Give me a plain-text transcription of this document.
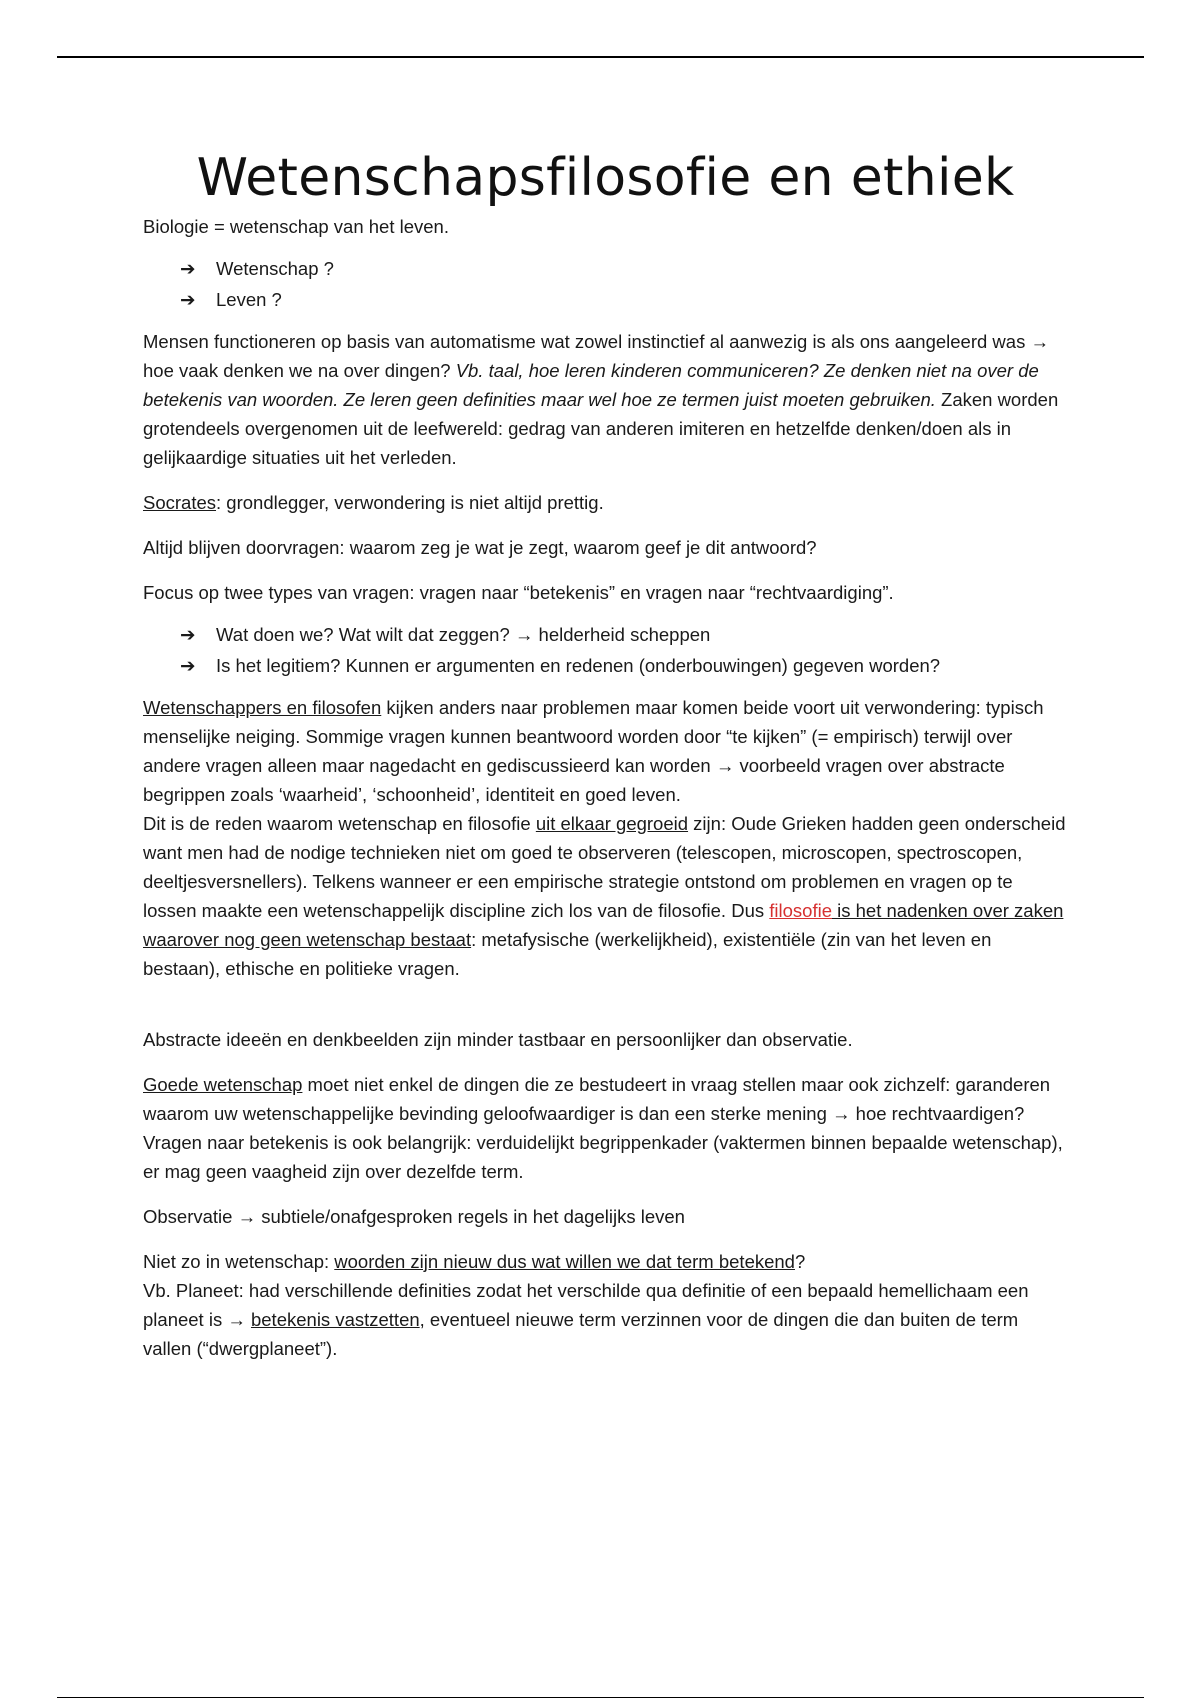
Wetenschapsfilosofie en ethiek

Biologie = wetenschap van het leven.

➔ Wetenschap ?
➔ Leven ?

Mensen functioneren op basis van automatisme wat zowel instinctief al aanwezig is als ons aangeleerd was → hoe vaak denken we na over dingen? Vb. taal, hoe leren kinderen communiceren? Ze denken niet na over de betekenis van woorden. Ze leren geen definities maar wel hoe ze termen juist moeten gebruiken. Zaken worden grotendeels overgenomen uit de leefwereld: gedrag van anderen imiteren en hetzelfde denken/doen als in gelijkaardige situaties uit het verleden.

Socrates: grondlegger, verwondering is niet altijd prettig.

Altijd blijven doorvragen: waarom zeg je wat je zegt, waarom geef je dit antwoord?

Focus op twee types van vragen: vragen naar “betekenis” en vragen naar “rechtvaardiging”.

➔ Wat doen we? Wat wilt dat zeggen? → helderheid scheppen
➔ Is het legitiem? Kunnen er argumenten en redenen (onderbouwingen) gegeven worden?

Wetenschappers en filosofen kijken anders naar problemen maar komen beide voort uit verwondering: typisch menselijke neiging. Sommige vragen kunnen beantwoord worden door “te kijken” (= empirisch) terwijl over andere vragen alleen maar nagedacht en gediscussieerd kan worden → voorbeeld vragen over abstracte begrippen zoals ‘waarheid’, ‘schoonheid’, identiteit en goed leven.

Dit is de reden waarom wetenschap en filosofie uit elkaar gegroeid zijn: Oude Grieken hadden geen onderscheid want men had de nodige technieken niet om goed te observeren (telescopen, microscopen, spectroscopen, deeltjesversnellers). Telkens wanneer er een empirische strategie ontstond om problemen en vragen op te lossen maakte een wetenschappelijk discipline zich los van de filosofie. Dus filosofie is het nadenken over zaken waarover nog geen wetenschap bestaat: metafysische (werkelijkheid), existentiële (zin van het leven en bestaan), ethische en politieke vragen.

Abstracte ideeën en denkbeelden zijn minder tastbaar en persoonlijker dan observatie.

Goede wetenschap moet niet enkel de dingen die ze bestudeert in vraag stellen maar ook zichzelf: garanderen waarom uw wetenschappelijke bevinding geloofwaardiger is dan een sterke mening → hoe rechtvaardigen? Vragen naar betekenis is ook belangrijk: verduidelijkt begrippenkader (vaktermen binnen bepaalde wetenschap), er mag geen vaagheid zijn over dezelfde term.

Observatie → subtiele/onafgesproken regels in het dagelijks leven

Niet zo in wetenschap: woorden zijn nieuw dus wat willen we dat term betekend?

Vb. Planeet: had verschillende definities zodat het verschilde qua definitie of een bepaald hemellichaam een planeet is → betekenis vastzetten, eventueel nieuwe term verzinnen voor de dingen die dan buiten de term vallen (“dwergplaneet”).
